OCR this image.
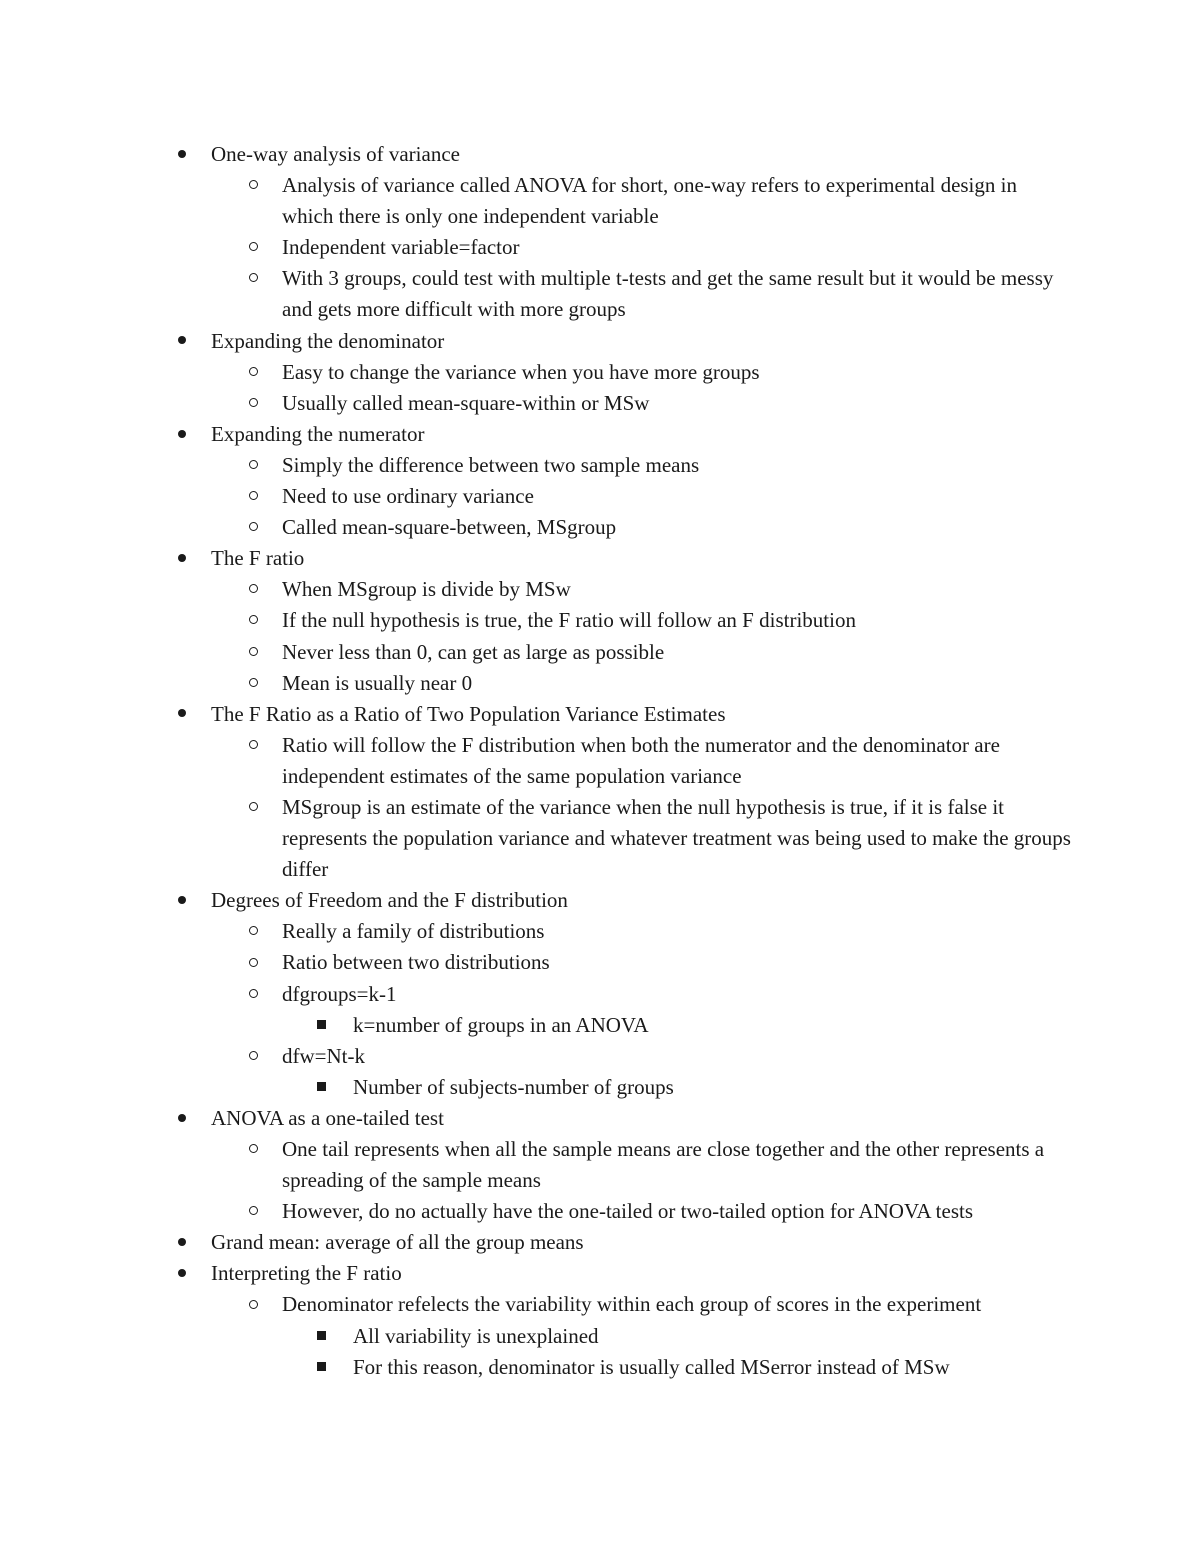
One-way analysis of variance
Analysis of variance called ANOVA for short, one-way refers to experimental design in which there is only one independent variable
Independent variable=factor
With 3 groups, could test with multiple t-tests and get the same result but it would be messy and gets more difficult with more groups
Expanding the denominator
Easy to change the variance when you have more groups
Usually called mean-square-within or MSw
Expanding the numerator
Simply the difference between two sample means
Need to use ordinary variance
Called mean-square-between, MSgroup
The F ratio
When MSgroup is divide by MSw
If the null hypothesis is true, the F ratio will follow an F distribution
Never less than 0, can get as large as possible
Mean is usually near 0
The F Ratio as a Ratio of Two Population Variance Estimates
Ratio will follow the F distribution when both the numerator and the denominator are independent estimates of the same population variance
MSgroup is an estimate of the variance when the null hypothesis is true, if it is false it represents the population variance and whatever treatment was being used to make the groups differ
Degrees of Freedom and the F distribution
Really a family of distributions
Ratio between two distributions
dfgroups=k-1
k=number of groups in an ANOVA
dfw=Nt-k
Number of subjects-number of groups
ANOVA as a one-tailed test
One tail represents when all the sample means are close together and the other represents a spreading of the sample means
However, do no actually have the one-tailed or two-tailed option for ANOVA tests
Grand mean: average of all the group means
Interpreting the F ratio
Denominator refelects the variability within each group of scores in the experiment
All variability is unexplained
For this reason, denominator is usually called MSerror instead of MSw
